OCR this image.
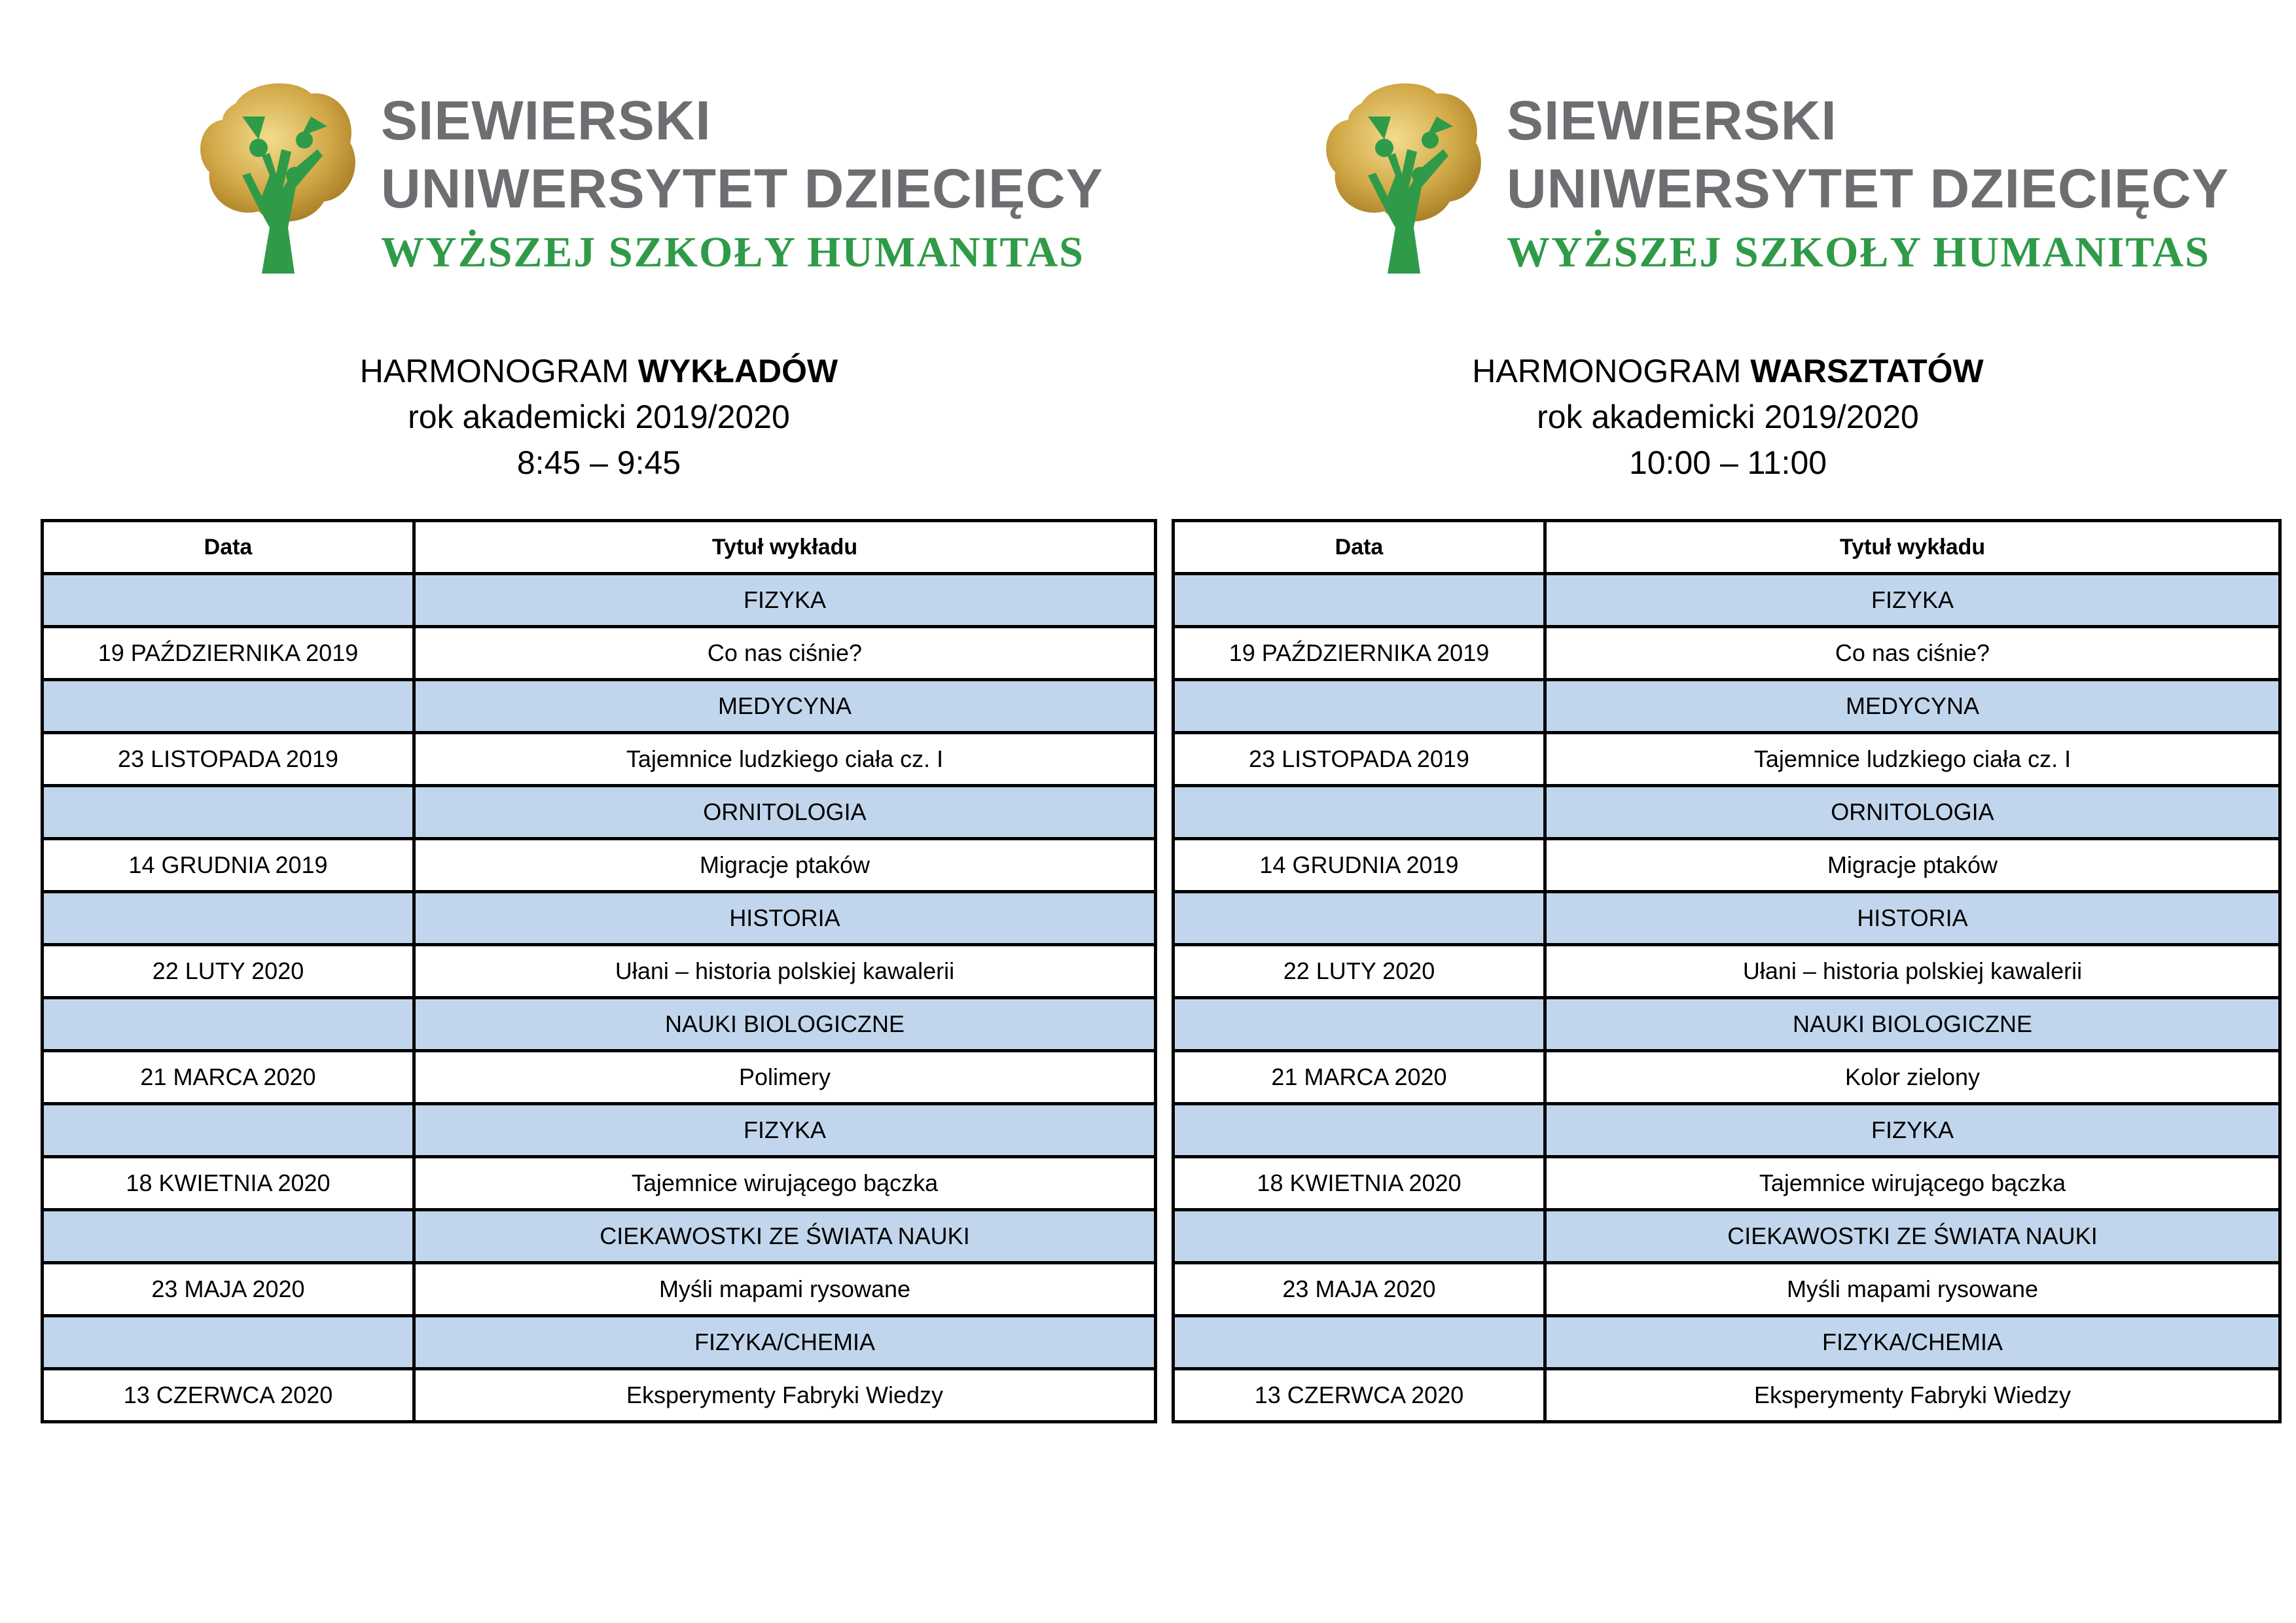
SIEWIERSKI
UNIWERSYTET DZIECIĘCY
WYŻSZEJ SZKOŁY HUMANITAS
HARMONOGRAM WYKŁADÓW
rok akademicki 2019/2020
8:45 – 9:45
Data	Tytuł wykładu
	FIZYKA
19 PAŹDZIERNIKA 2019	Co nas ciśnie?
	MEDYCYNA
23 LISTOPADA 2019	Tajemnice ludzkiego ciała cz. I
	ORNITOLOGIA
14 GRUDNIA 2019	Migracje ptaków
	HISTORIA
22 LUTY 2020	Ułani – historia polskiej kawalerii
	NAUKI BIOLOGICZNE
21 MARCA 2020	Polimery
	FIZYKA
18 KWIETNIA 2020	Tajemnice wirującego bączka
	CIEKAWOSTKI ZE ŚWIATA NAUKI
23 MAJA 2020	Myśli mapami rysowane
	FIZYKA/CHEMIA
13 CZERWCA 2020	Eksperymenty Fabryki Wiedzy
SIEWIERSKI
UNIWERSYTET DZIECIĘCY
WYŻSZEJ SZKOŁY HUMANITAS
HARMONOGRAM WARSZTATÓW
rok akademicki 2019/2020
10:00 – 11:00
Data	Tytuł wykładu
	FIZYKA
19 PAŹDZIERNIKA 2019	Co nas ciśnie?
	MEDYCYNA
23 LISTOPADA 2019	Tajemnice ludzkiego ciała cz. I
	ORNITOLOGIA
14 GRUDNIA 2019	Migracje ptaków
	HISTORIA
22 LUTY 2020	Ułani – historia polskiej kawalerii
	NAUKI BIOLOGICZNE
21 MARCA 2020	Kolor zielony
	FIZYKA
18 KWIETNIA 2020	Tajemnice wirującego bączka
	CIEKAWOSTKI ZE ŚWIATA NAUKI
23 MAJA 2020	Myśli mapami rysowane
	FIZYKA/CHEMIA
13 CZERWCA 2020	Eksperymenty Fabryki Wiedzy
